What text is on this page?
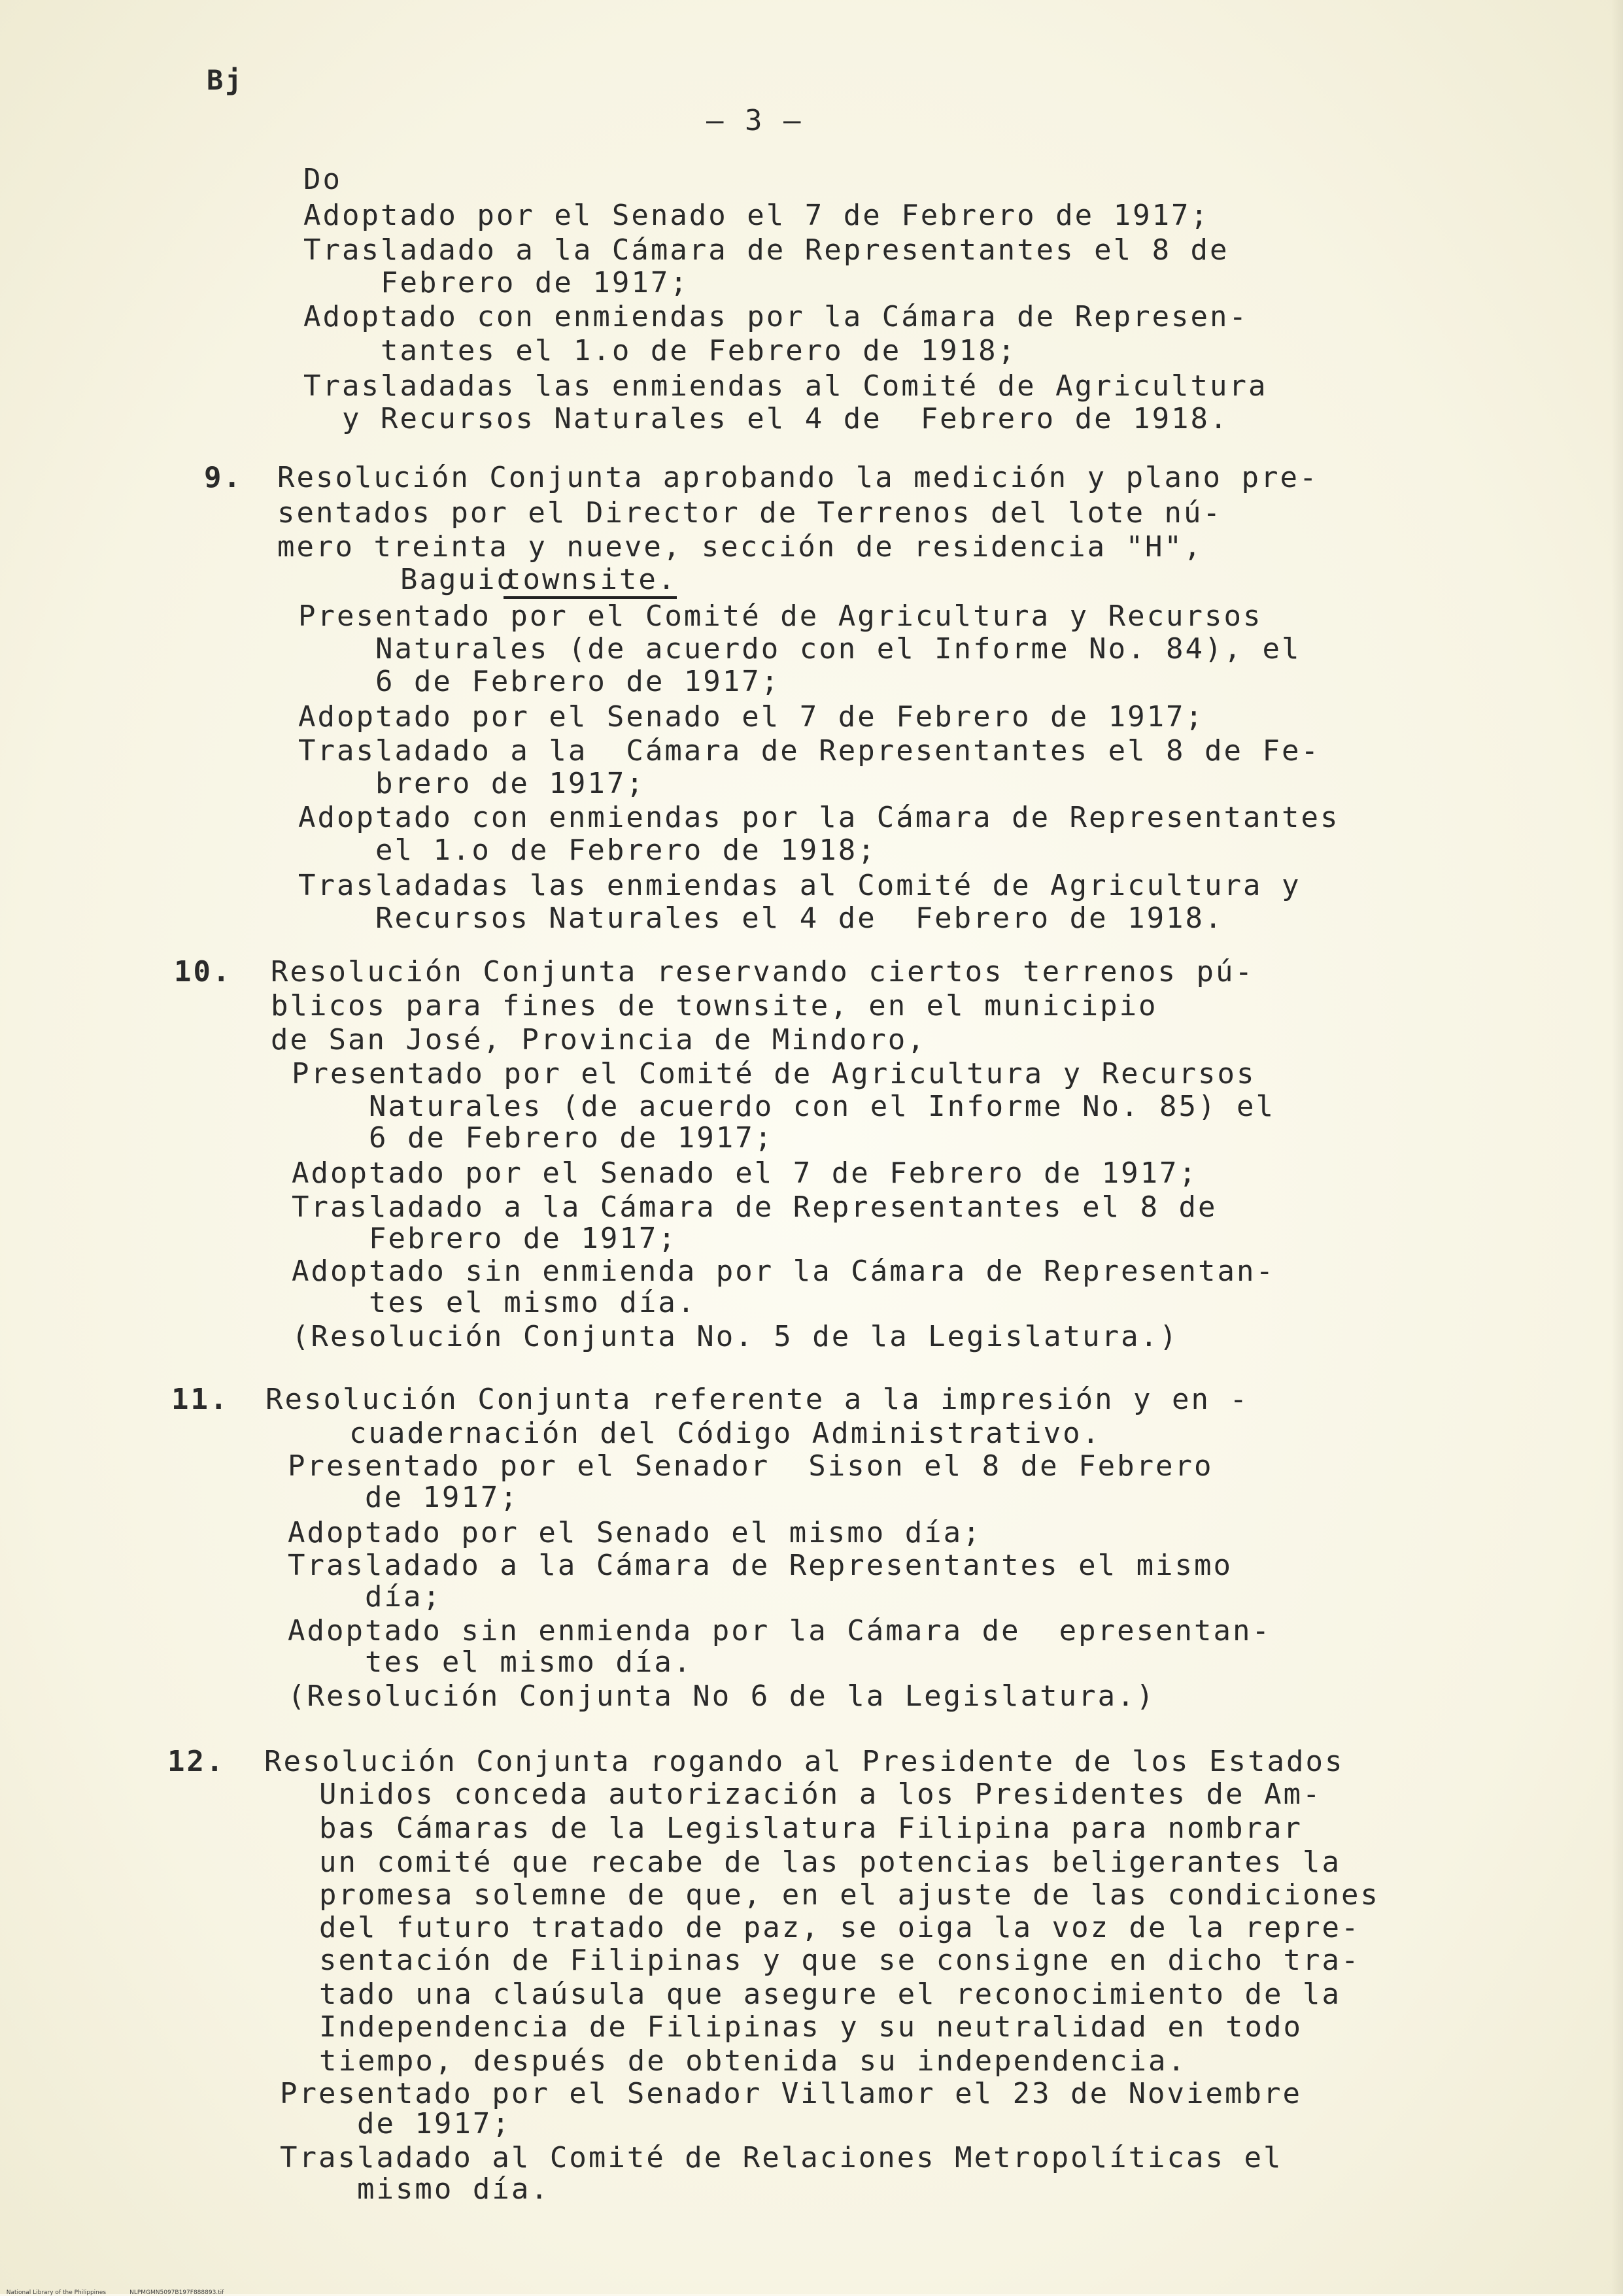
Bj
– 3 –
Do
Adoptado por el Senado el 7 de Febrero de 1917;
Trasladado a la Cámara de Representantes el 8 de
Febrero de 1917;
Adoptado con enmiendas por la Cámara de Represen-
tantes el 1.o de Febrero de 1918;
Trasladadas las enmiendas al Comité de Agricultura
y Recursos Naturales el 4 de  Febrero de 1918.
9. Resolución Conjunta aprobando la medición y plano pre-
sentados por el Director de Terrenos del lote nú-
mero treinta y nueve, sección de residencia "H",
Baguio
townsite.
Presentado por el Comité de Agricultura y Recursos
Naturales (de acuerdo con el Informe No. 84), el
6 de Febrero de 1917;
Adoptado por el Senado el 7 de Febrero de 1917;
Trasladado a la  Cámara de Representantes el 8 de Fe-
brero de 1917;
Adoptado con enmiendas por la Cámara de Representantes
el 1.o de Febrero de 1918;
Trasladadas las enmiendas al Comité de Agricultura y
Recursos Naturales el 4 de  Febrero de 1918.
10. Resolución Conjunta reservando ciertos terrenos pú-
blicos para fines de townsite, en el municipio
de San José, Provincia de Mindoro,
Presentado por el Comité de Agricultura y Recursos
Naturales (de acuerdo con el Informe No. 85) el
6 de Febrero de 1917;
Adoptado por el Senado el 7 de Febrero de 1917;
Trasladado a la Cámara de Representantes el 8 de
Febrero de 1917;
Adoptado sin enmienda por la Cámara de Representan-
tes el mismo día.
(Resolución Conjunta No. 5 de la Legislatura.)
11. Resolución Conjunta referente a la impresión y en -
cuadernación del Código Administrativo.
Presentado por el Senador  Sison el 8 de Febrero
de 1917;
Adoptado por el Senado el mismo día;
Trasladado a la Cámara de Representantes el mismo
día;
Adoptado sin enmienda por la Cámara de  epresentan-
tes el mismo día.
(Resolución Conjunta No 6 de la Legislatura.)
12. Resolución Conjunta rogando al Presidente de los Estados
Unidos conceda autorización a los Presidentes de Am-
bas Cámaras de la Legislatura Filipina para nombrar
un comité que recabe de las potencias beligerantes la
promesa solemne de que, en el ajuste de las condiciones
del futuro tratado de paz, se oiga la voz de la repre-
sentación de Filipinas y que se consigne en dicho tra-
tado una claúsula que asegure el reconocimiento de la
Independencia de Filipinas y su neutralidad en todo
tiempo, después de obtenida su independencia.
Presentado por el Senador Villamor el 23 de Noviembre
de 1917;
Trasladado al Comité de Relaciones Metropolíticas el
mismo día.

National Library of the Philippines	NLPMGMN5097B197F888893.tif
